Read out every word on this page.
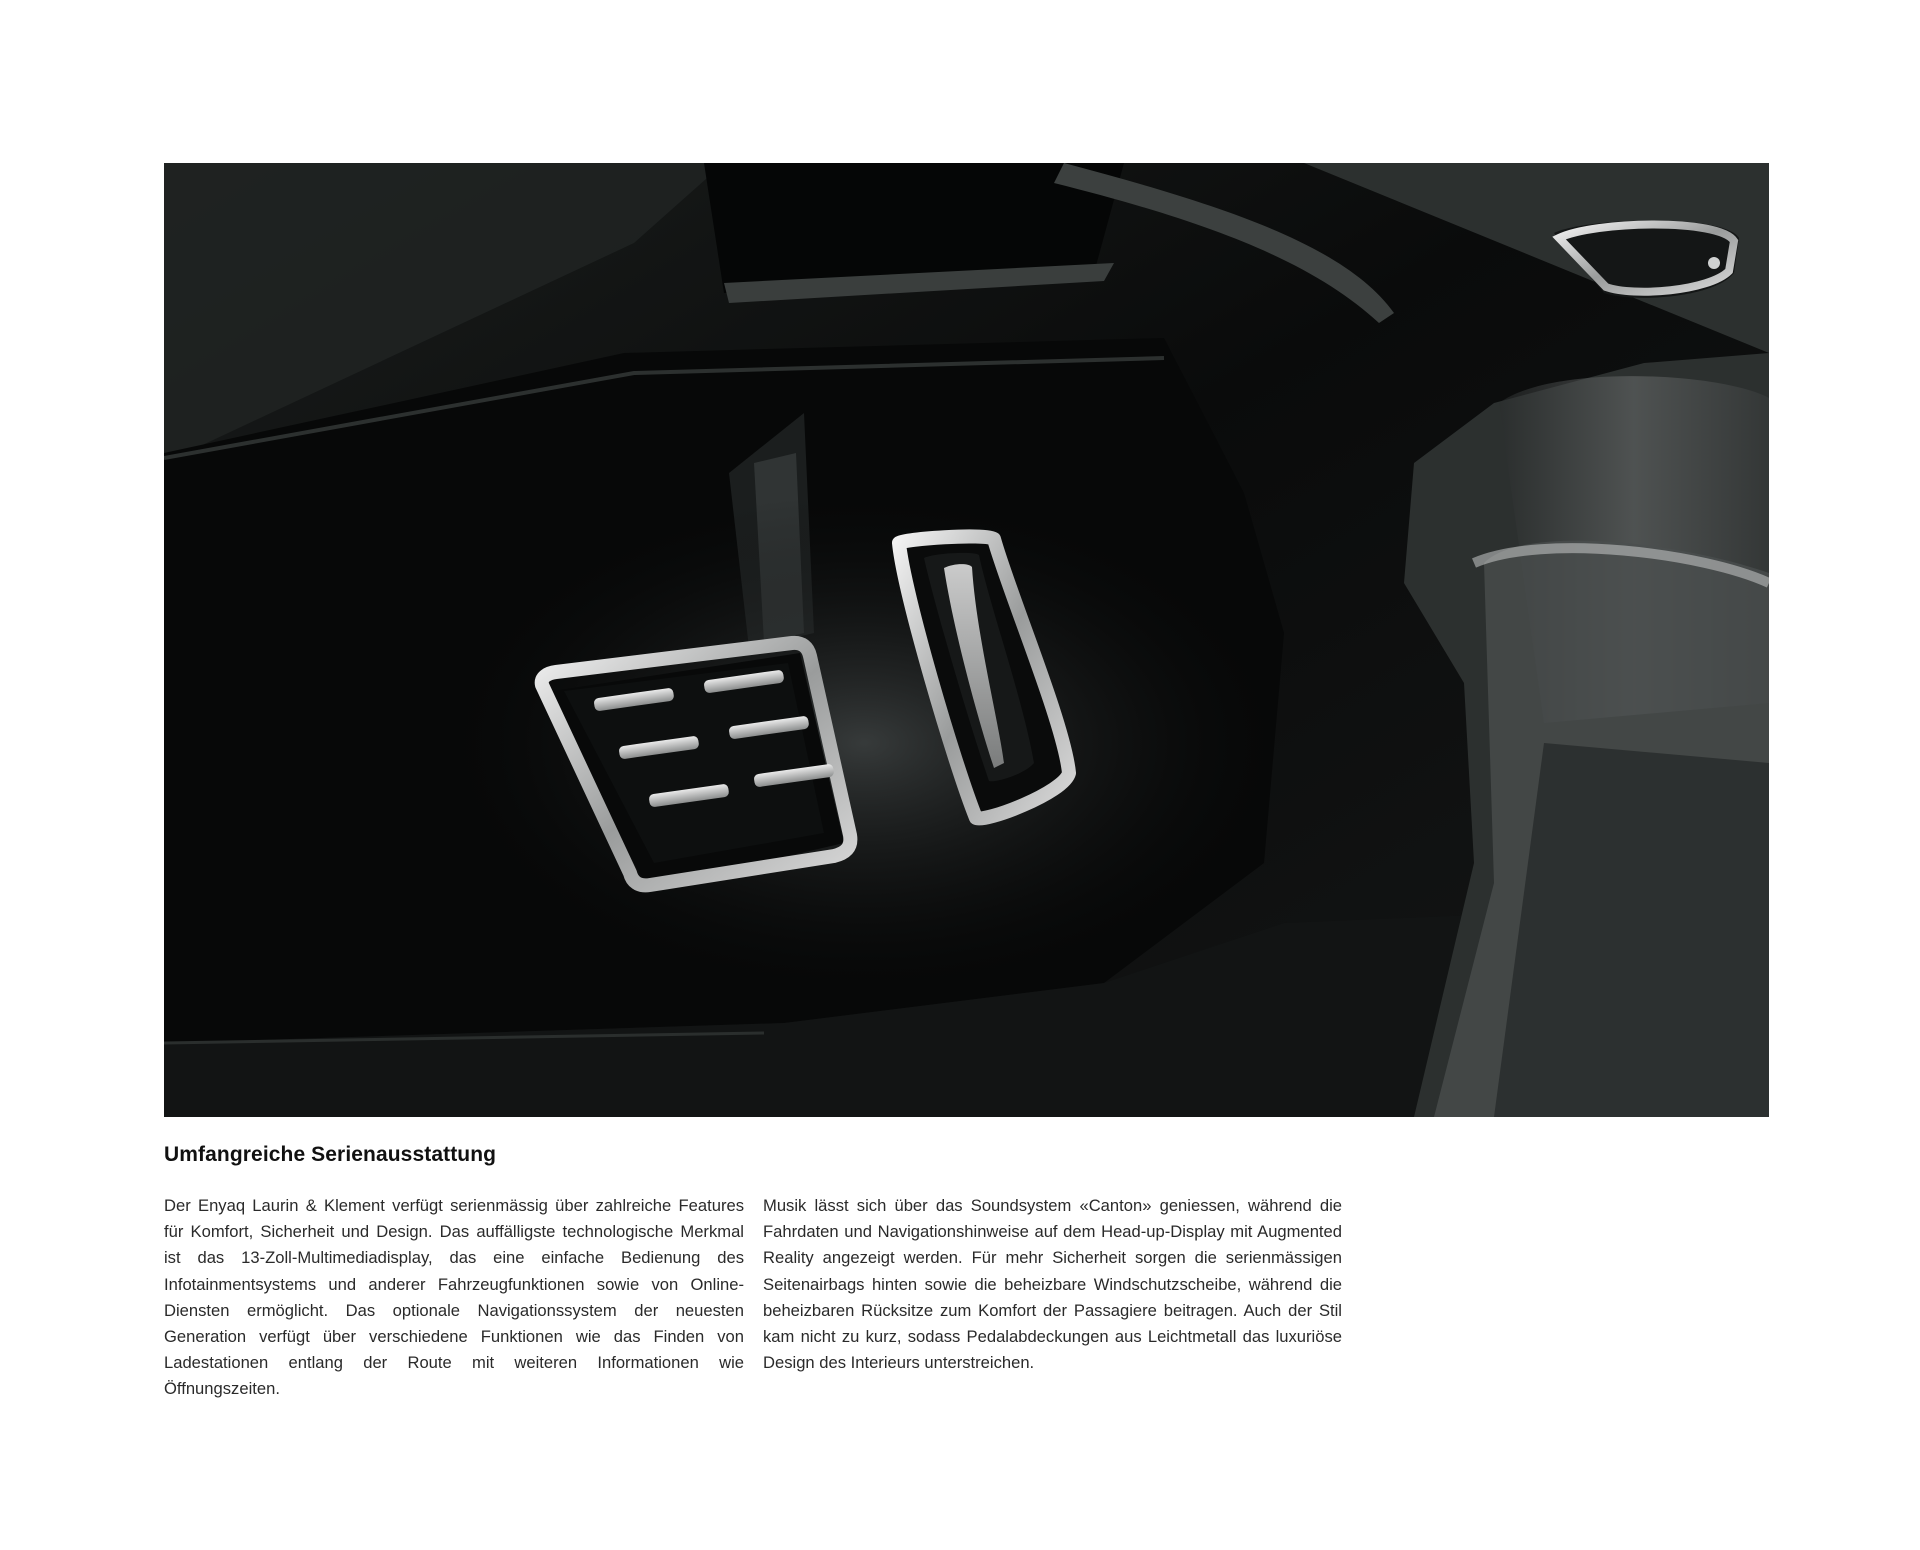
Umfangreiche Serienausstattung

Der Enyaq Laurin & Klement verfügt serienmässig über zahlreiche Features für Komfort, Sicherheit und Design. Das auffälligste technologische Merkmal ist das 13-Zoll-Multimediadisplay, das eine einfache Bedienung des Infotainmentsystems und anderer Fahrzeugfunktionen sowie von Online-Diensten ermöglicht. Das optionale Navigationssystem der neuesten Generation verfügt über verschiedene Funktionen wie das Finden von Ladestationen entlang der Route mit weiteren Informationen wie Öffnungszeiten.

Musik lässt sich über das Soundsystem «Canton» geniessen, während die Fahrdaten und Navigationshinweise auf dem Head-up-Display mit Augmented Reality angezeigt werden. Für mehr Sicherheit sorgen die serienmässigen Seitenairbags hinten sowie die beheizbare Windschutzscheibe, während die beheizbaren Rücksitze zum Komfort der Passagiere beitragen. Auch der Stil kam nicht zu kurz, sodass Pedalabdeckungen aus Leichtmetall das luxuriöse Design des Interieurs unterstreichen.
